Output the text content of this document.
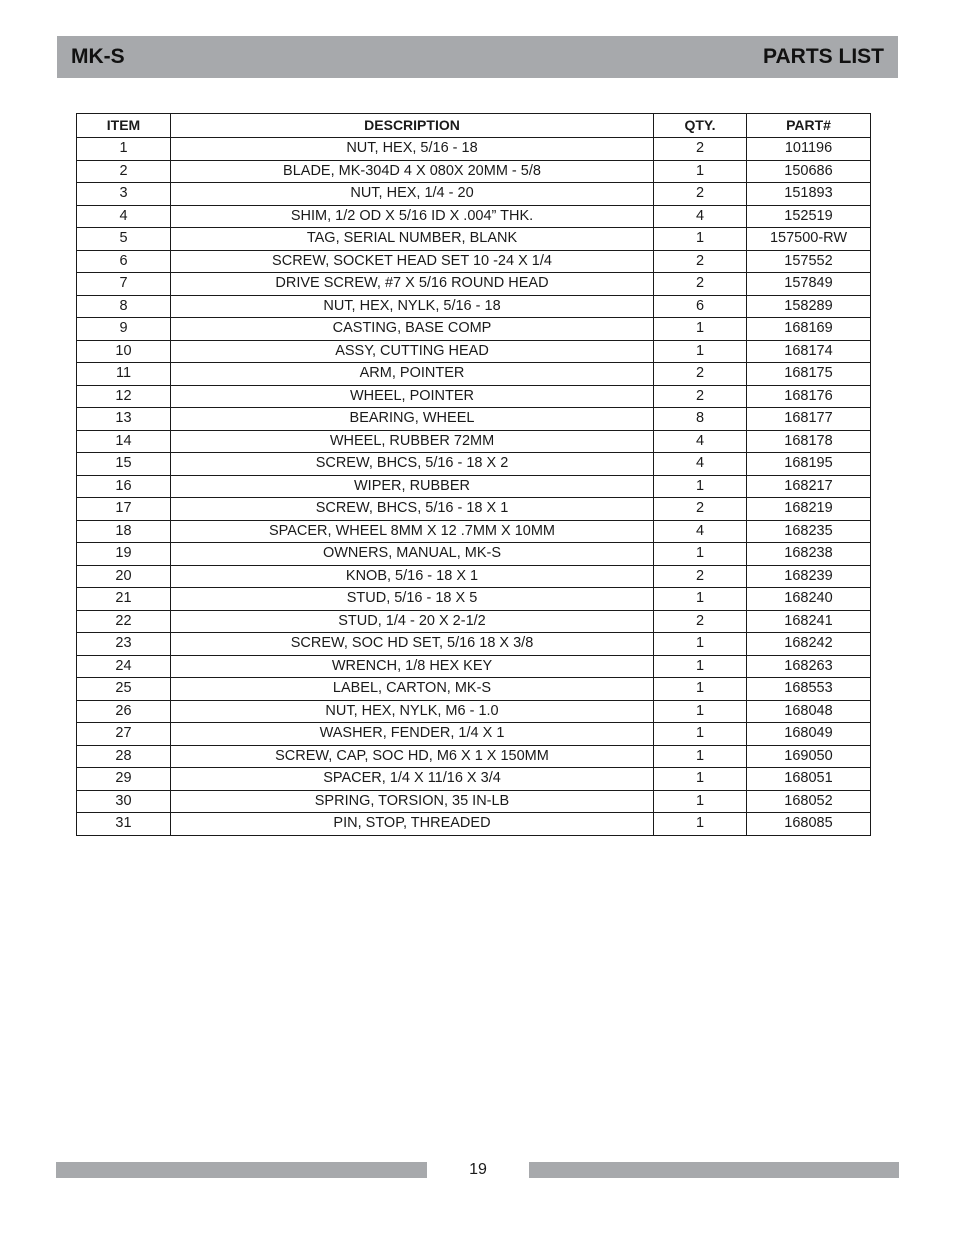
MK-S	PARTS LIST
ITEM	DESCRIPTION	QTY.	PART#
1	NUT, HEX, 5/16 - 18	2	101196
2	BLADE, MK-304D 4 X 080X 20MM - 5/8	1	150686
3	NUT, HEX, 1/4 - 20	2	151893
4	SHIM, 1/2 OD X 5/16 ID X .004” THK.	4	152519
5	TAG, SERIAL NUMBER, BLANK	1	157500-RW
6	SCREW, SOCKET HEAD SET 10 -24 X 1/4	2	157552
7	DRIVE SCREW, #7 X 5/16 ROUND HEAD	2	157849
8	NUT, HEX, NYLK, 5/16 - 18	6	158289
9	CASTING, BASE COMP	1	168169
10	ASSY, CUTTING HEAD	1	168174
11	ARM, POINTER	2	168175
12	WHEEL, POINTER	2	168176
13	BEARING, WHEEL	8	168177
14	WHEEL, RUBBER 72MM	4	168178
15	SCREW, BHCS, 5/16 - 18 X 2	4	168195
16	WIPER, RUBBER	1	168217
17	SCREW, BHCS, 5/16 - 18 X 1	2	168219
18	SPACER, WHEEL 8MM X 12 .7MM X 10MM	4	168235
19	OWNERS, MANUAL, MK-S	1	168238
20	KNOB, 5/16 - 18 X 1	2	168239
21	STUD, 5/16 - 18 X 5	1	168240
22	STUD, 1/4 - 20 X 2-1/2	2	168241
23	SCREW, SOC HD SET, 5/16 18 X 3/8	1	168242
24	WRENCH, 1/8 HEX KEY	1	168263
25	LABEL, CARTON, MK-S	1	168553
26	NUT, HEX, NYLK, M6 - 1.0	1	168048
27	WASHER, FENDER, 1/4 X 1	1	168049
28	SCREW, CAP, SOC HD, M6 X 1 X 150MM	1	169050
29	SPACER, 1/4 X 11/16 X 3/4	1	168051
30	SPRING, TORSION, 35 IN-LB	1	168052
31	PIN, STOP, THREADED	1	168085
19
